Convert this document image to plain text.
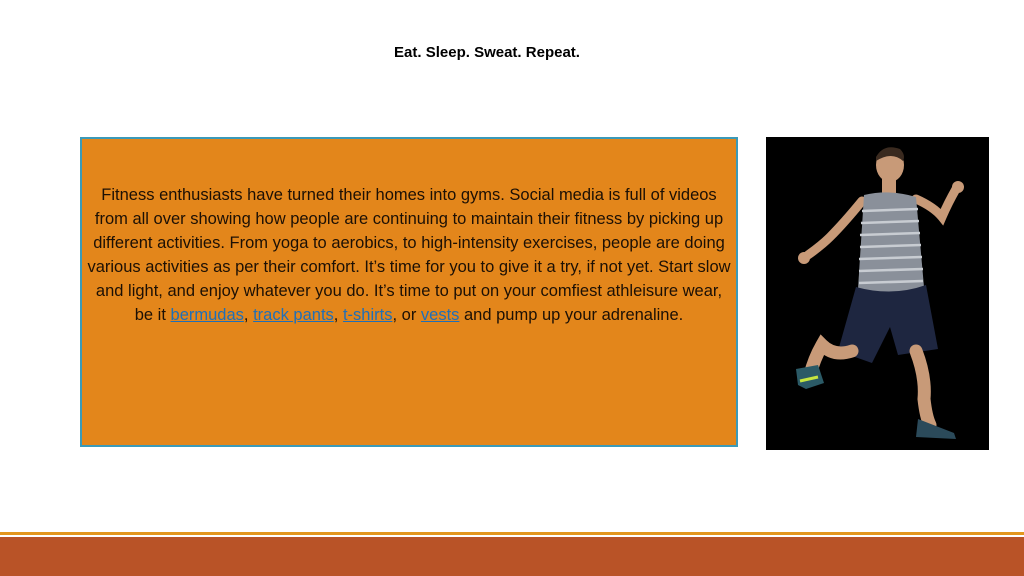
Eat. Sleep. Sweat. Repeat.

Fitness enthusiasts have turned their homes into gyms. Social media is full of videos from all over showing how people are continuing to maintain their fitness by picking up different activities. From yoga to aerobics, to high-intensity exercises, people are doing various activities as per their comfort. It’s time for you to give it a try, if not yet. Start slow and light, and enjoy whatever you do. It’s time to put on your comfiest athleisure wear, be it bermudas, track pants, t-shirts, or vests and pump up your adrenaline.
